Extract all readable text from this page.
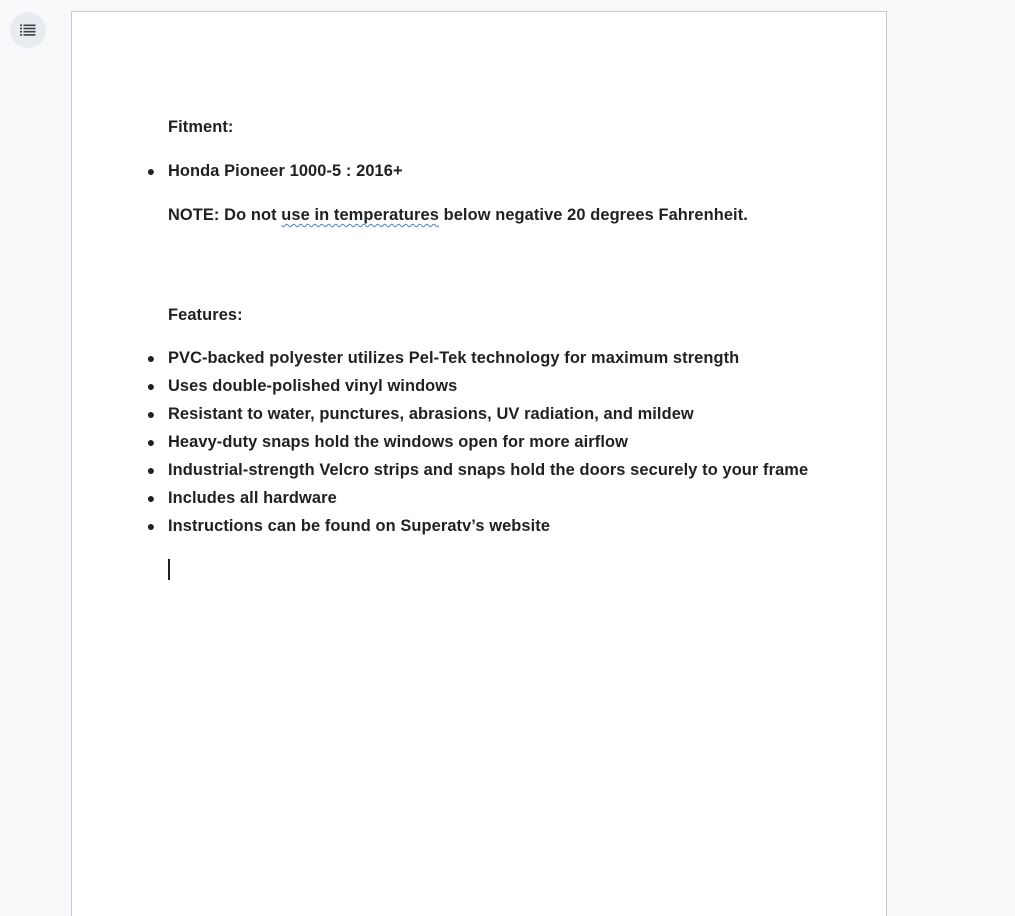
Fitment:
● Honda Pioneer 1000-5 : 2016+
NOTE: Do not use in temperatures below negative 20 degrees Fahrenheit.
Features:
● PVC-backed polyester utilizes Pel-Tek technology for maximum strength
● Uses double-polished vinyl windows
● Resistant to water, punctures, abrasions, UV radiation, and mildew
● Heavy-duty snaps hold the windows open for more airflow
● Industrial-strength Velcro strips and snaps hold the doors securely to your frame
● Includes all hardware
● Instructions can be found on Superatv’s website
